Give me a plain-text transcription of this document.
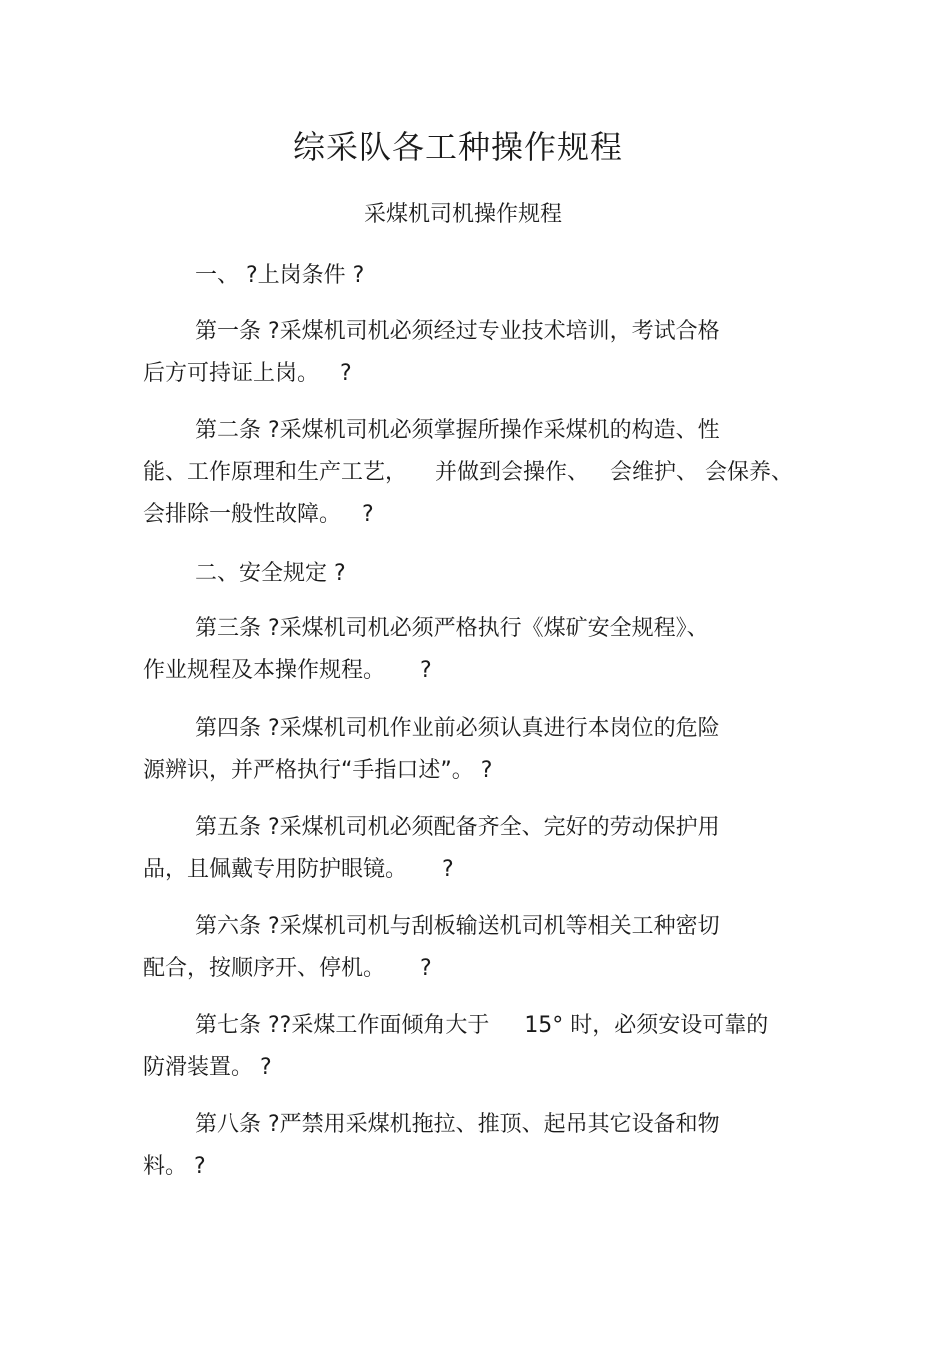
综采队各工种操作规程
采煤机司机操作规程
一、 ?上岗条件 ?
第一条 ?采煤机司机必须经过专业技术培训，考试合格
后方可持证上岗。   ?
第二条 ?采煤机司机必须掌握所操作采煤机的构造、性
能、工作原理和生产工艺，    并做到会操作、   会维护、 会保养、
会排除一般性故障。   ?
二、安全规定 ?
第三条 ?采煤机司机必须严格执行《煤矿安全规程》、
作业规程及本操作规程。     ?
第四条 ?采煤机司机作业前必须认真进行本岗位的危险
源辨识，并严格执行“手指口述”。 ?
第五条 ?采煤机司机必须配备齐全、完好的劳动保护用
品，且佩戴专用防护眼镜。     ?
第六条 ?采煤机司机与刮板输送机司机等相关工种密切
配合，按顺序开、停机。     ?
第七条 ??采煤工作面倾角大于     15° 时，必须安设可靠的
防滑装置。 ?
第八条 ?严禁用采煤机拖拉、推顶、起吊其它设备和物
料。 ?
